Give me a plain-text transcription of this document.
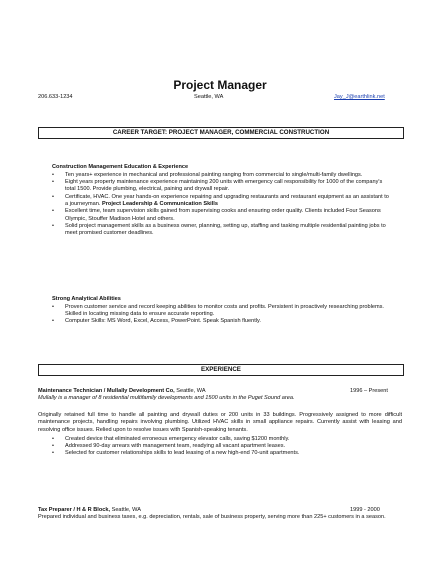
Project Manager
206.633-1234	Seattle, WA	Jay_J@earthlink.net
CAREER TARGET: PROJECT MANAGER, COMMERCIAL CONSTRUCTION
Construction Management Education & Experience
• Ten years+ experience in mechanical and professional painting ranging from commercial to single/multi-family dwellings.
• Eight years property maintenance experience maintaining 200 units with emergency call responsibility for 1000 of the company's total 1500. Provide plumbing, electrical, paining and drywall repair.
• Certificate, HVAC. One year hands-on experience repairing and upgrading restaurants and restaurant equipment as an assistant to a journeyman. Project Leadership & Communication Skills
• Excellent time, team supervision skills gained from supervising cooks and ensuring order quality. Clients included Four Seasons Olympic, Stouffer Madison Hotel and others.
• Solid project management skills as a business owner, planning, setting up, staffing and tasking multiple residential painting jobs to meet promised customer deadlines.
Strong Analytical Abilities
• Proven customer service and record keeping abilities to monitor costs and profits. Persistent in proactively researching problems. Skilled in locating missing data to ensure accurate reporting.
• Computer Skills: MS Word, Excel, Access, PowerPoint. Speak Spanish fluently.
EXPERIENCE
Maintenance Technician / Mullally Development Co, Seattle, WA	1996 – Present
Mullally is a manager of 8 residential multifamily developments and 1500 units in the Puget Sound area.
Originally retained full time to handle all painting and drywall duties or 200 units in 33 buildings. Progressively assigned to more difficult maintenance projects, handling repairs involving plumbing. Utilized HVAC skills in small appliance repairs. Currently assist with leasing and resolving office issues. Relied upon to resolve issues with Spanish-speaking tenants.
• Created device that eliminated erroneous emergency elevator calls, saving $1200 monthly.
• Addressed 90-day arrears with management team, readying all vacant apartment leases.
• Selected for customer relationships skills to lead leasing of a new high-end 70-unit apartments.
Tax Preparer / H & R Block, Seattle, WA	1999 - 2000
Prepared individual and business taxes, e.g. depreciation, rentals, sale of business property, serving more than 225+ customers in a season.
